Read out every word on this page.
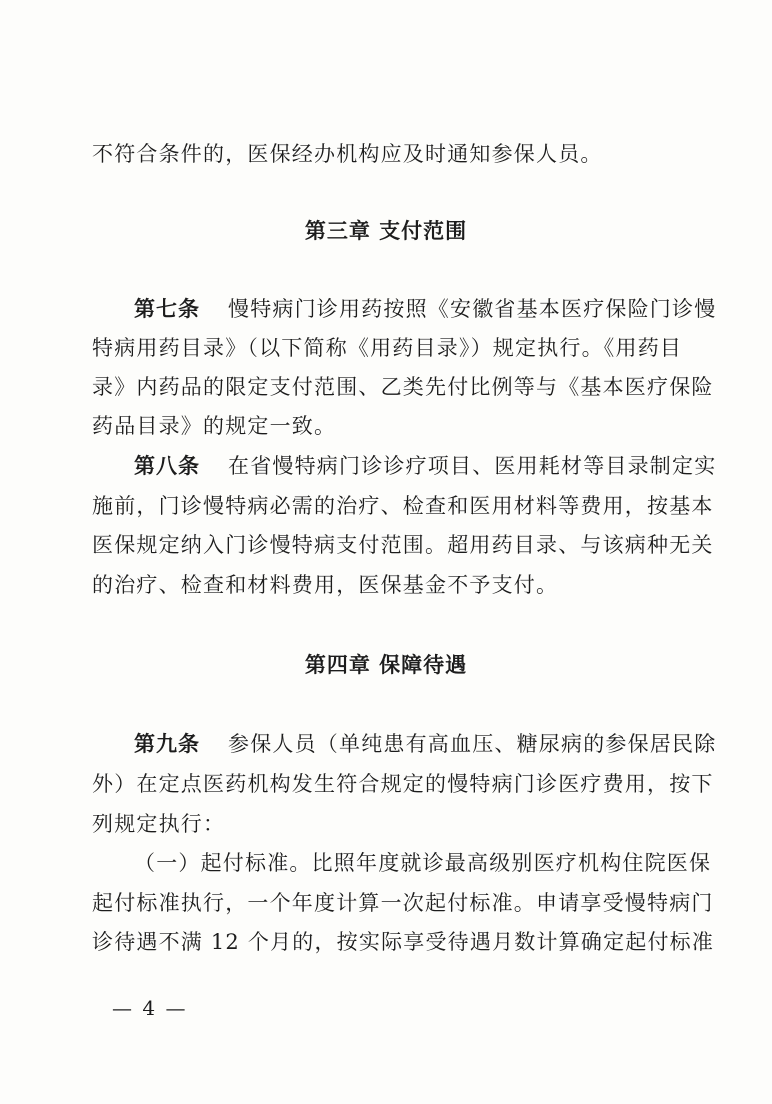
不符合条件的，医保经办机构应及时通知参保人员。
第三章 支付范围
第七条 慢特病门诊用药按照《安徽省基本医疗保险门诊慢
特病用药目录》（以下简称《用药目录》）规定执行。《用药目
录》内药品的限定支付范围、乙类先付比例等与《基本医疗保险
药品目录》的规定一致。
第八条 在省慢特病门诊诊疗项目、医用耗材等目录制定实
施前，门诊慢特病必需的治疗、检查和医用材料等费用，按基本
医保规定纳入门诊慢特病支付范围。超用药目录、与该病种无关
的治疗、检查和材料费用，医保基金不予支付。
第四章 保障待遇
第九条 参保人员（单纯患有高血压、糖尿病的参保居民除
外）在定点医药机构发生符合规定的慢特病门诊医疗费用，按下
列规定执行：
（一）起付标准。比照年度就诊最高级别医疗机构住院医保
起付标准执行，一个年度计算一次起付标准。申请享受慢特病门
诊待遇不满 12 个月的，按实际享受待遇月数计算确定起付标准
— 4 —
